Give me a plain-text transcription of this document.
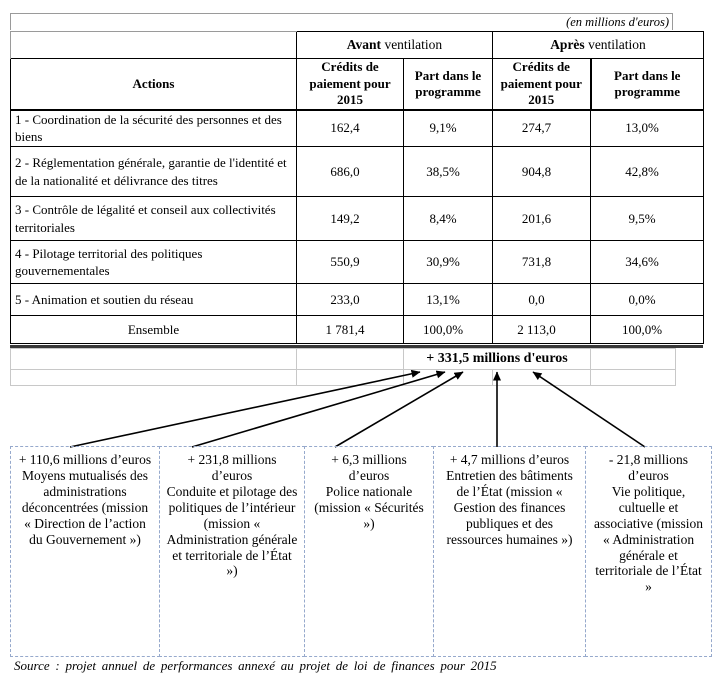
(en millions d'euros)
	Avant ventilation		Après ventilation	
Actions	Crédits de paiement pour 2015	Part dans le programme	Crédits de paiement pour 2015	Part dans le programme
1 - Coordination de la sécurité des personnes et des biens	162,4	9,1%	274,7	13,0%
2 - Réglementation générale, garantie de l'identité et de la nationalité et délivrance des titres	686,0	38,5%	904,8	42,8%
3 - Contrôle de légalité et conseil aux collectivités territoriales	149,2	8,4%	201,6	9,5%
4 - Pilotage territorial des politiques gouvernementales	550,9	30,9%	731,8	34,6%
5 - Animation et soutien du réseau	233,0	13,1%	0,0	0,0%
Ensemble	1 781,4	100,0%	2 113,0	100,0%
		+ 331,5 millions d'euros	

+ 110,6 millions d’euros
Moyens mutualisés des administrations déconcentrées (mission « Direction de l’action du Gouvernement »)
+ 231,8 millions d’euros
Conduite et pilotage des politiques de l’intérieur (mission « Administration générale et territoriale de l’État »)
+ 6,3 millions d’euros
Police nationale (mission « Sécurités »)
+ 4,7 millions d’euros
Entretien des bâtiments de l’État (mission « Gestion des finances publiques et des ressources humaines »)
- 21,8 millions d’euros
Vie politique, cultuelle et associative (mission « Administration générale et territoriale de l’État »
Source : projet annuel de performances annexé au projet de loi de finances pour 2015
